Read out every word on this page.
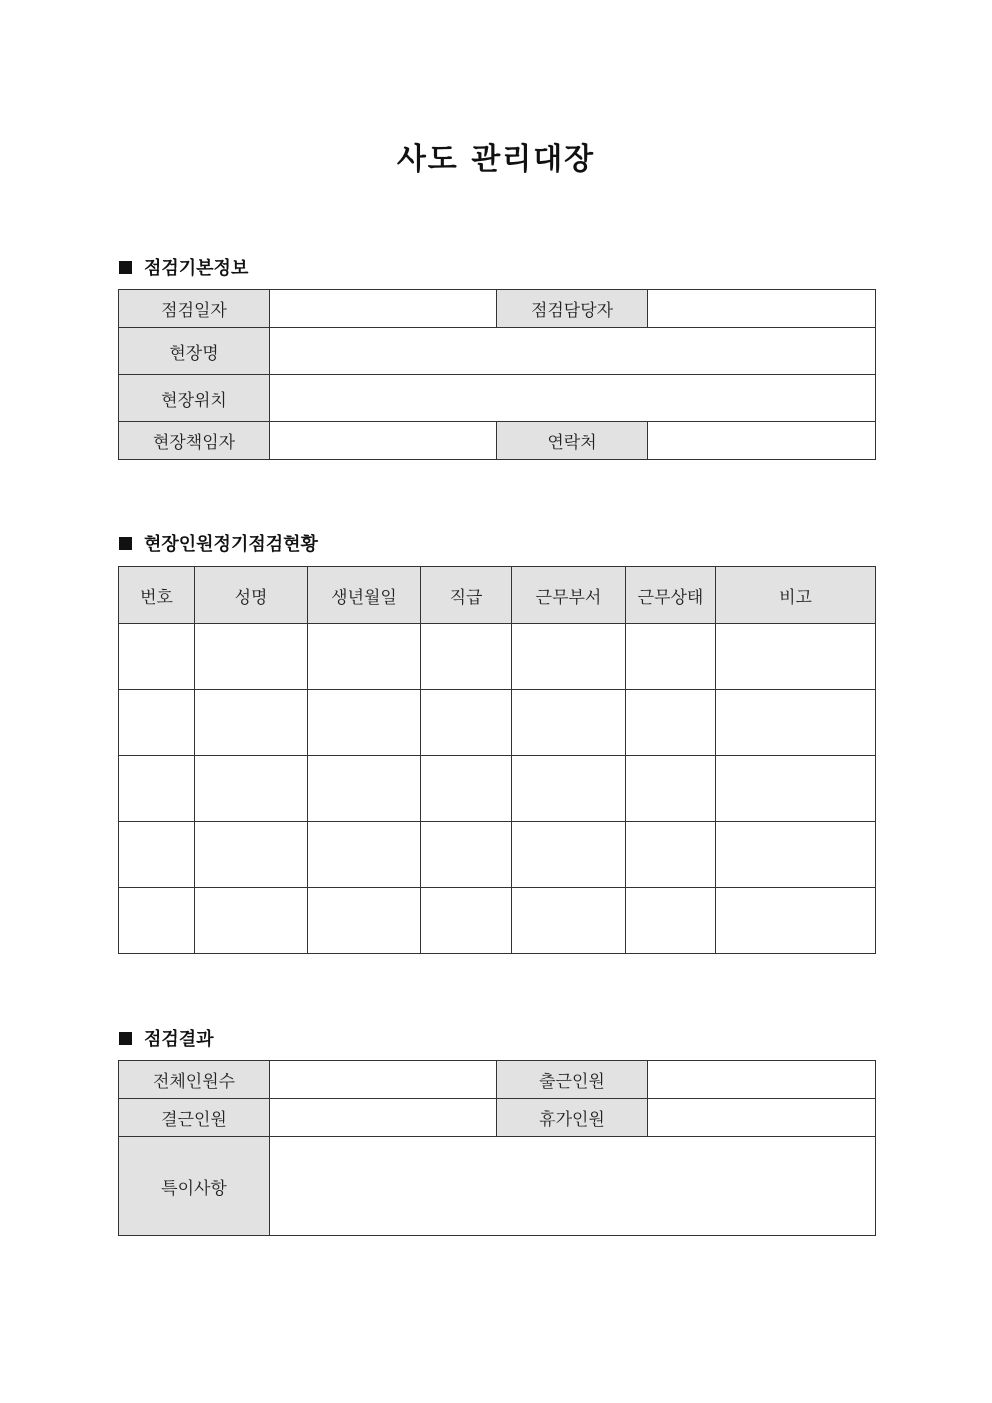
사도 관리대장
점검기본정보
점검일자		점검담당자	
현장명			
현장위치			
현장책임자		연락처	
현장인원정기점검현황
번호	성명	생년월일	직급	근무부서	근무상태	비고

점검결과
전체인원수		출근인원	
결근인원		휴가인원	
특이사항			
